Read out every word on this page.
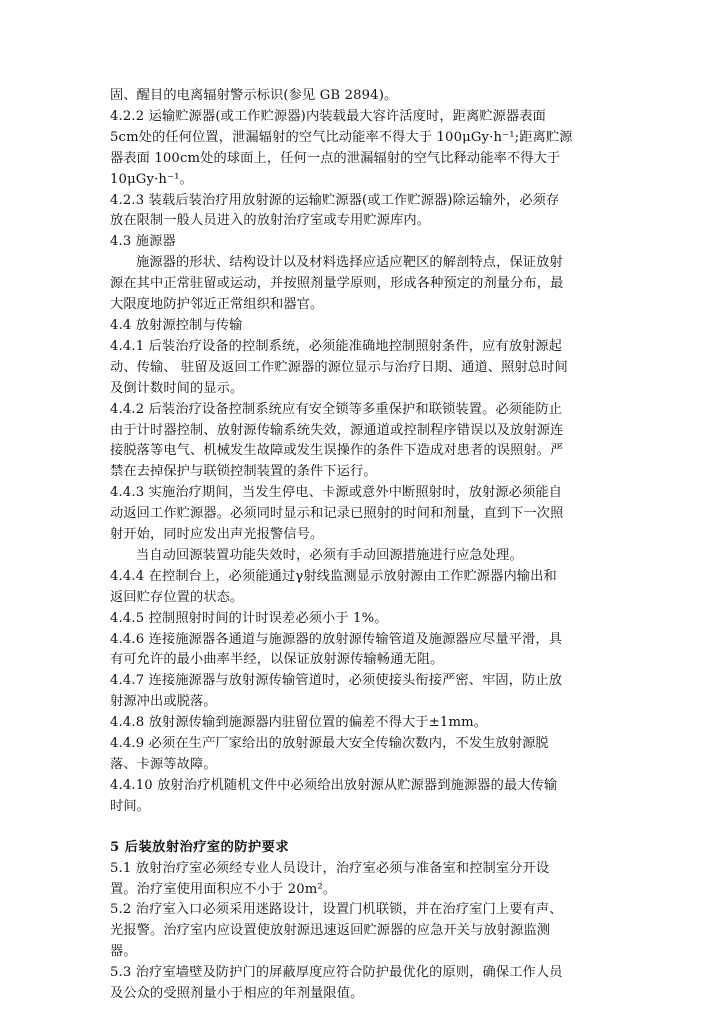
固、醒目的电离辐射警示标识(参见 GB 2894)。
4.2.2 运输贮源器(或工作贮源器)内装载最大容许活度时，距离贮源器表面
5cm处的任何位置，泄漏辐射的空气比动能率不得大于 100μGy·h⁻¹;距离贮源
器表面 100cm处的球面上，任何一点的泄漏辐射的空气比释动能率不得大于
10μGy·h⁻¹。
4.2.3 装载后装治疗用放射源的运输贮源器(或工作贮源器)除运输外，必须存
放在限制一般人员进入的放射治疗室或专用贮源库内。
4.3 施源器
施源器的形状、结构设计以及材料选择应适应靶区的解剖特点，保证放射
源在其中正常驻留或运动，并按照剂量学原则，形成各种预定的剂量分布，最
大限度地防护邻近正常组织和器官。
4.4 放射源控制与传输
4.4.1 后装治疗设备的控制系统，必须能准确地控制照射条件，应有放射源起
动、传输、 驻留及返回工作贮源器的源位显示与治疗日期、通道、照射总时间
及倒计数时间的显示。
4.4.2 后装治疗设备控制系统应有安全锁等多重保护和联锁装置。必须能防止
由于计时器控制、放射源传输系统失效，源通道或控制程序错误以及放射源连
接脱落等电气、机械发生故障或发生误操作的条件下造成对患者的误照射。严
禁在去掉保护与联锁控制装置的条件下运行。
4.4.3 实施治疗期间，当发生停电、卡源或意外中断照射时，放射源必须能自
动返回工作贮源器。必须同时显示和记录已照射的时间和剂量，直到下一次照
射开始，同时应发出声光报警信号。
当自动回源装置功能失效时，必须有手动回源措施进行应急处理。
4.4.4 在控制台上，必须能通过γ射线监测显示放射源由工作贮源器内输出和
返回贮存位置的状态。
4.4.5 控制照射时间的计时误差必须小于 1%。
4.4.6 连接施源器各通道与施源器的放射源传输管道及施源器应尽量平滑，具
有可允许的最小曲率半经，以保证放射源传输畅通无阻。
4.4.7 连接施源器与放射源传输管道时，必须使接头衔接严密、牢固，防止放
射源冲出或脱落。
4.4.8 放射源传输到施源器内驻留位置的偏差不得大于±1mm。
4.4.9 必须在生产厂家给出的放射源最大安全传输次数内，不发生放射源脱
落、卡源等故障。
4.4.10 放射治疗机随机文件中必须给出放射源从贮源器到施源器的最大传输
时间。
5 后装放射治疗室的防护要求
5.1 放射治疗室必须经专业人员设计，治疗室必须与准备室和控制室分开设
置。治疗室使用面积应不小于 20m²。
5.2 治疗室入口必须采用迷路设计，设置门机联锁，并在治疗室门上要有声、
光报警。治疗室内应设置使放射源迅速返回贮源器的应急开关与放射源监测
器。
5.3 治疗室墙壁及防护门的屏蔽厚度应符合防护最优化的原则，确保工作人员
及公众的受照剂量小于相应的年剂量限值。
